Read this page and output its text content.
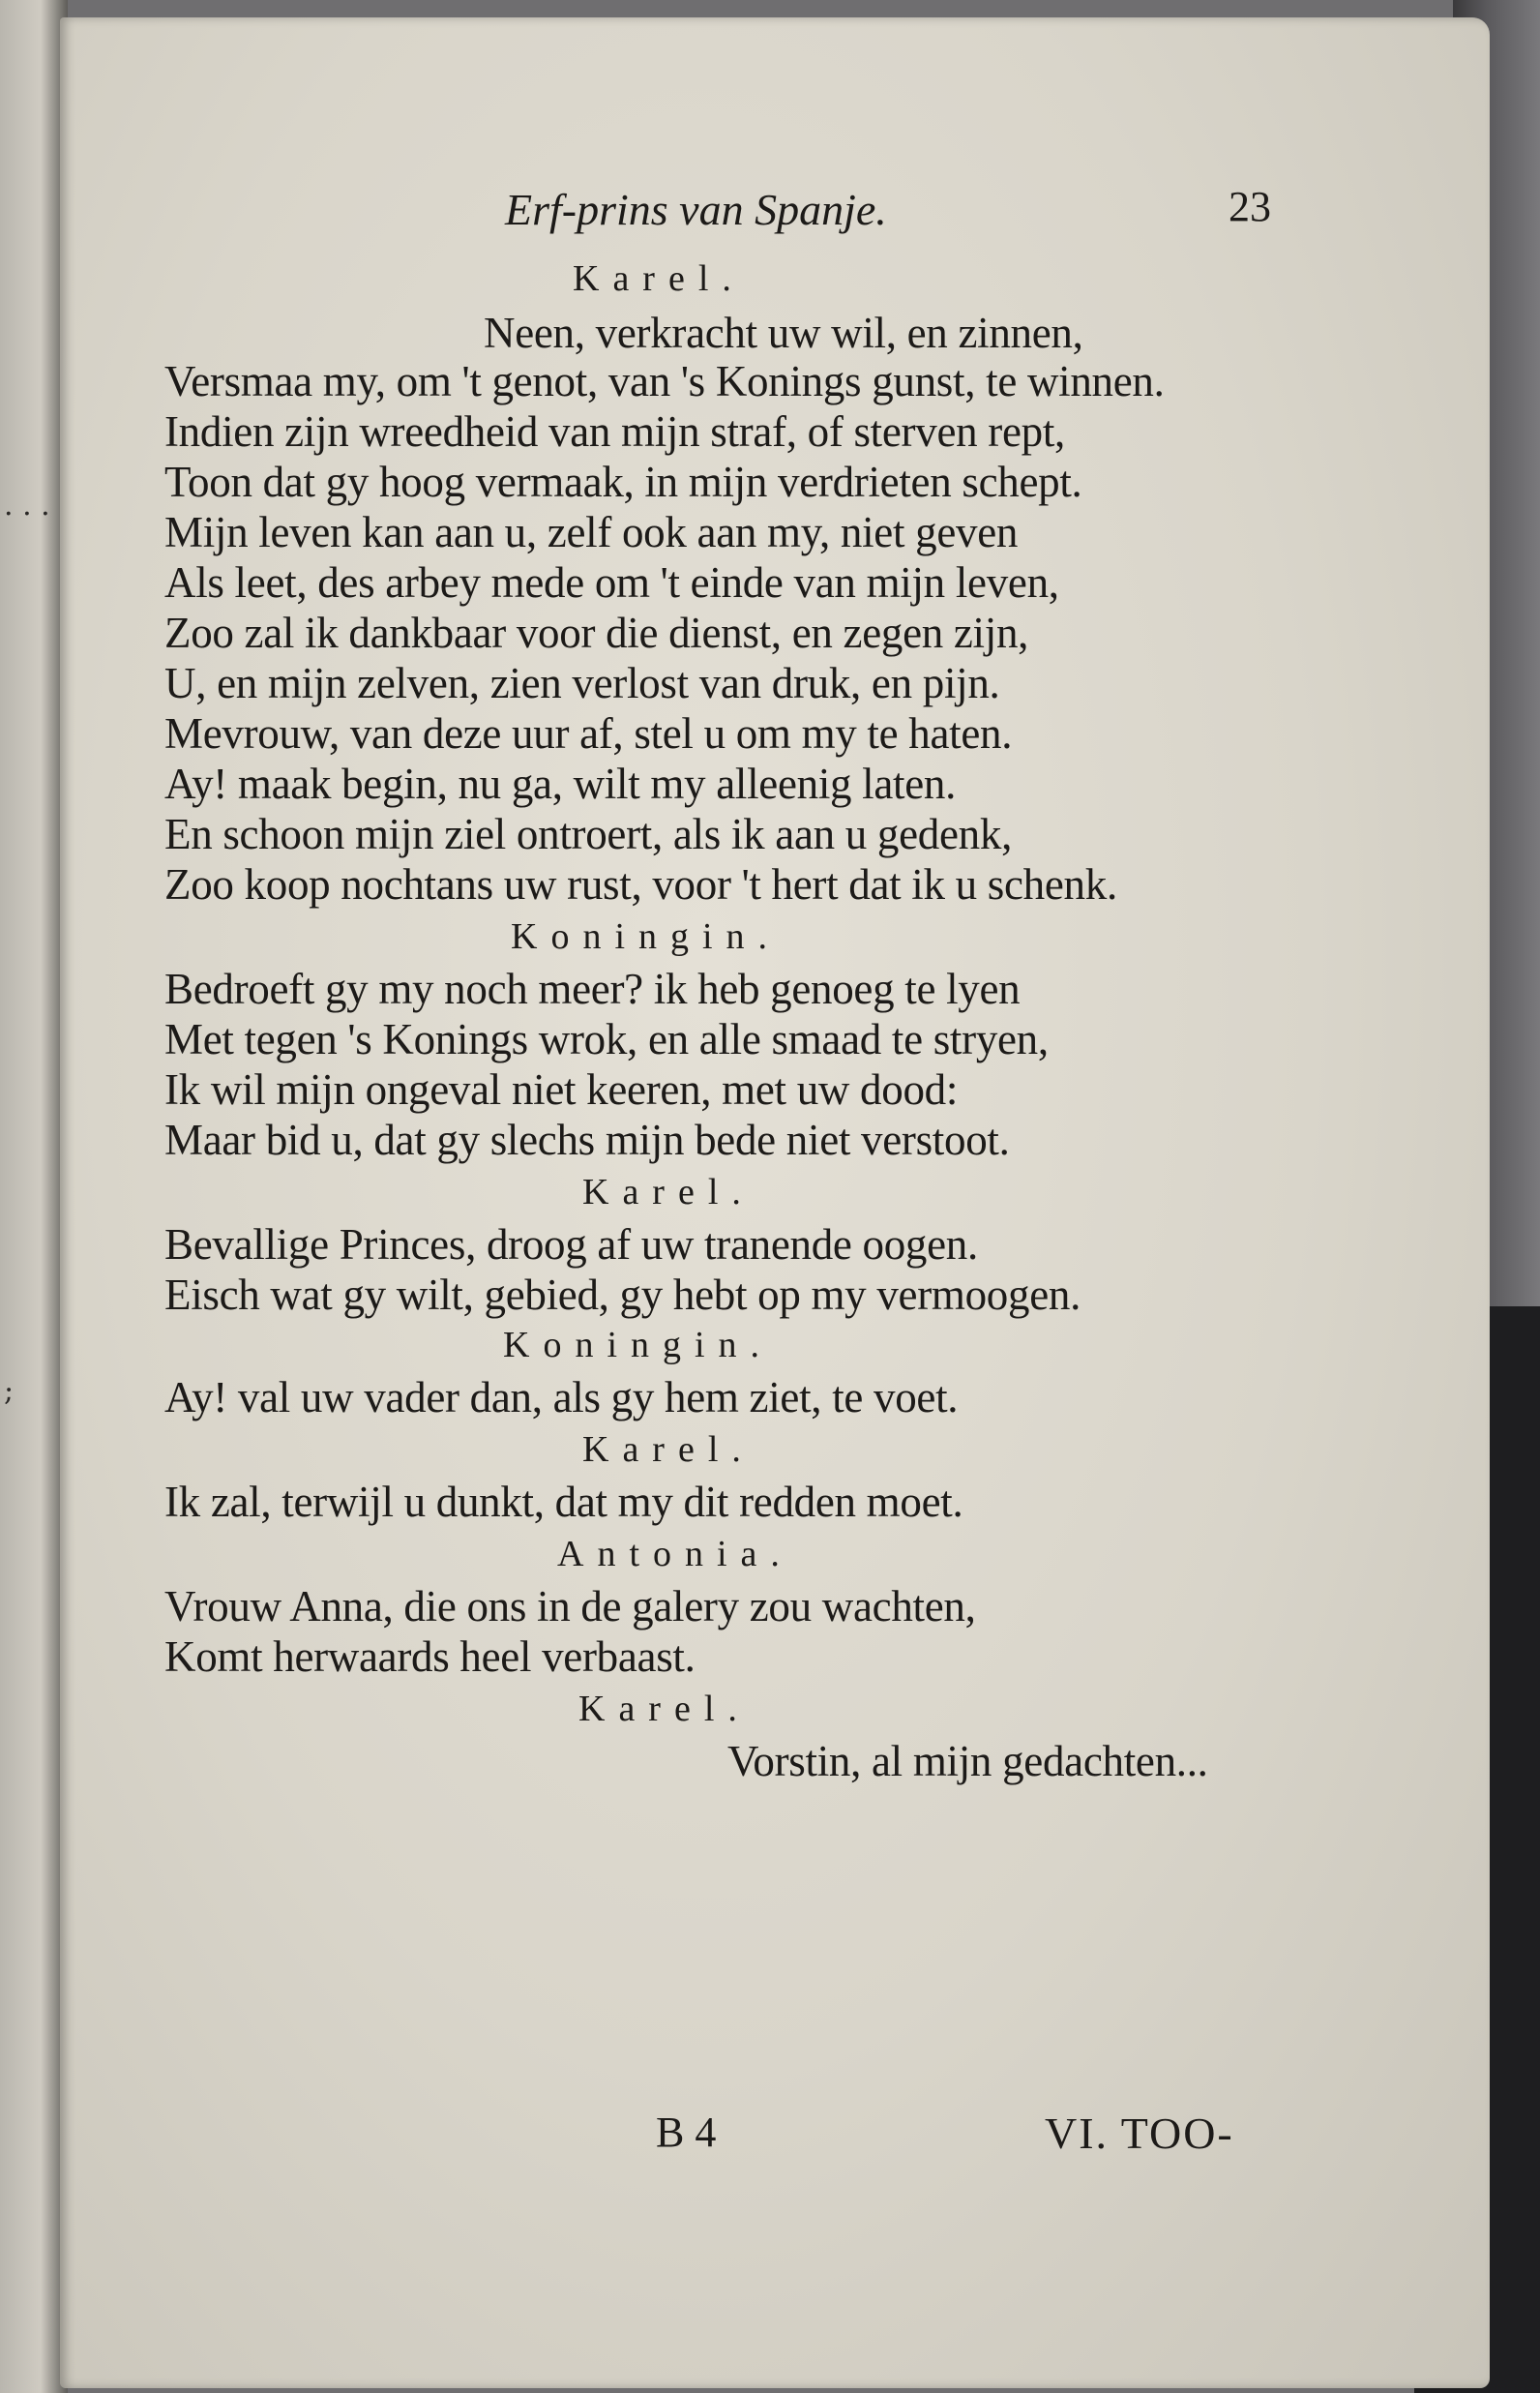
Erf-prins van Spanje.	23
Karel.
Neen, verkracht uw wil, en zinnen,
Versmaa my, om 't genot, van 's Konings gunst, te winnen.
Indien zijn wreedheid van mijn straf, of sterven rept,
Toon dat gy hoog vermaak, in mijn verdrieten schept.
Mijn leven kan aan u, zelf ook aan my, niet geven
Als leet, des arbey mede om 't einde van mijn leven,
Zoo zal ik dankbaar voor die dienst, en zegen zijn,
U, en mijn zelven, zien verlost van druk, en pijn.
Mevrouw, van deze uur af, stel u om my te haten.
Ay! maak begin, nu ga, wilt my alleenig laten.
En schoon mijn ziel ontroert, als ik aan u gedenk,
Zoo koop nochtans uw rust, voor 't hert dat ik u schenk.
Koningin.
Bedroeft gy my noch meer? ik heb genoeg te lyen
Met tegen 's Konings wrok, en alle smaad te stryen,
Ik wil mijn ongeval niet keeren, met uw dood:
Maar bid u, dat gy slechs mijn bede niet verstoot.
Karel.
Bevallige Princes, droog af uw tranende oogen.
Eisch wat gy wilt, gebied, gy hebt op my vermoogen.
Koningin.
Ay! val uw vader dan, als gy hem ziet, te voet.
Karel.
Ik zal, terwijl u dunkt, dat my dit redden moet.
Antonia.
Vrouw Anna, die ons in de galery zou wachten,
Komt herwaards heel verbaast.
Karel.
Vorstin, al mijn gedachten...
B 4	VI. TOO-
. . .
;
